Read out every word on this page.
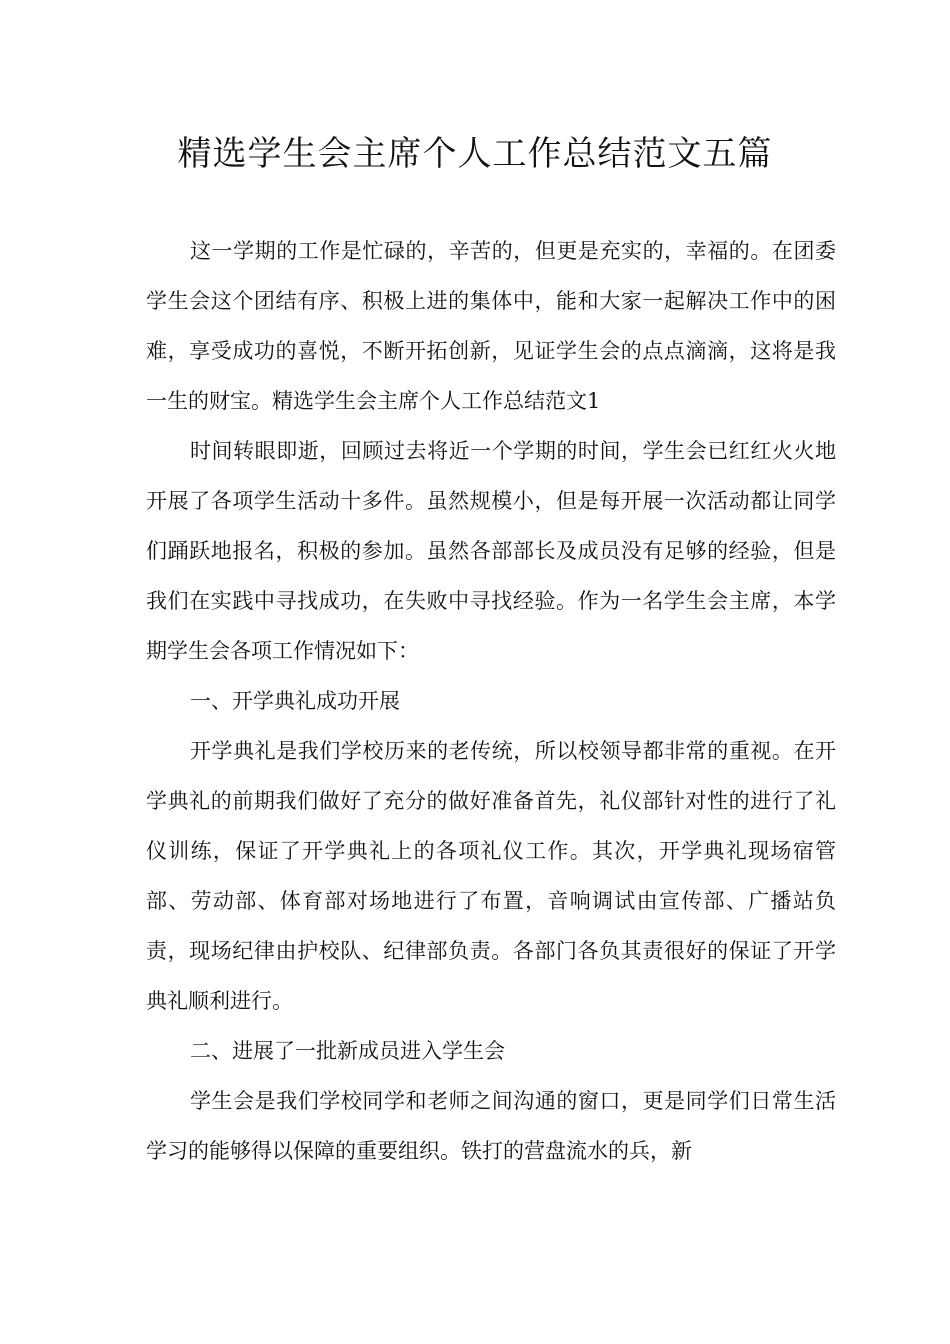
精选学生会主席个人工作总结范文五篇

这一学期的工作是忙碌的，辛苦的，但更是充实的，幸福的。在团委学生会这个团结有序、积极上进的集体中，能和大家一起解决工作中的困难，享受成功的喜悦，不断开拓创新，见证学生会的点点滴滴，这将是我一生的财宝。精选学生会主席个人工作总结范文1

时间转眼即逝，回顾过去将近一个学期的时间，学生会已红红火火地开展了各项学生活动十多件。虽然规模小，但是每开展一次活动都让同学们踊跃地报名，积极的参加。虽然各部部长及成员没有足够的经验，但是我们在实践中寻找成功，在失败中寻找经验。作为一名学生会主席，本学期学生会各项工作情况如下：

一、开学典礼成功开展

开学典礼是我们学校历来的老传统，所以校领导都非常的重视。在开学典礼的前期我们做好了充分的做好准备首先，礼仪部针对性的进行了礼仪训练，保证了开学典礼上的各项礼仪工作。其次，开学典礼现场宿管部、劳动部、体育部对场地进行了布置，音响调试由宣传部、广播站负责，现场纪律由护校队、纪律部负责。各部门各负其责很好的保证了开学典礼顺利进行。

二、进展了一批新成员进入学生会

学生会是我们学校同学和老师之间沟通的窗口，更是同学们日常生活学习的能够得以保障的重要组织。铁打的营盘流水的兵，新
